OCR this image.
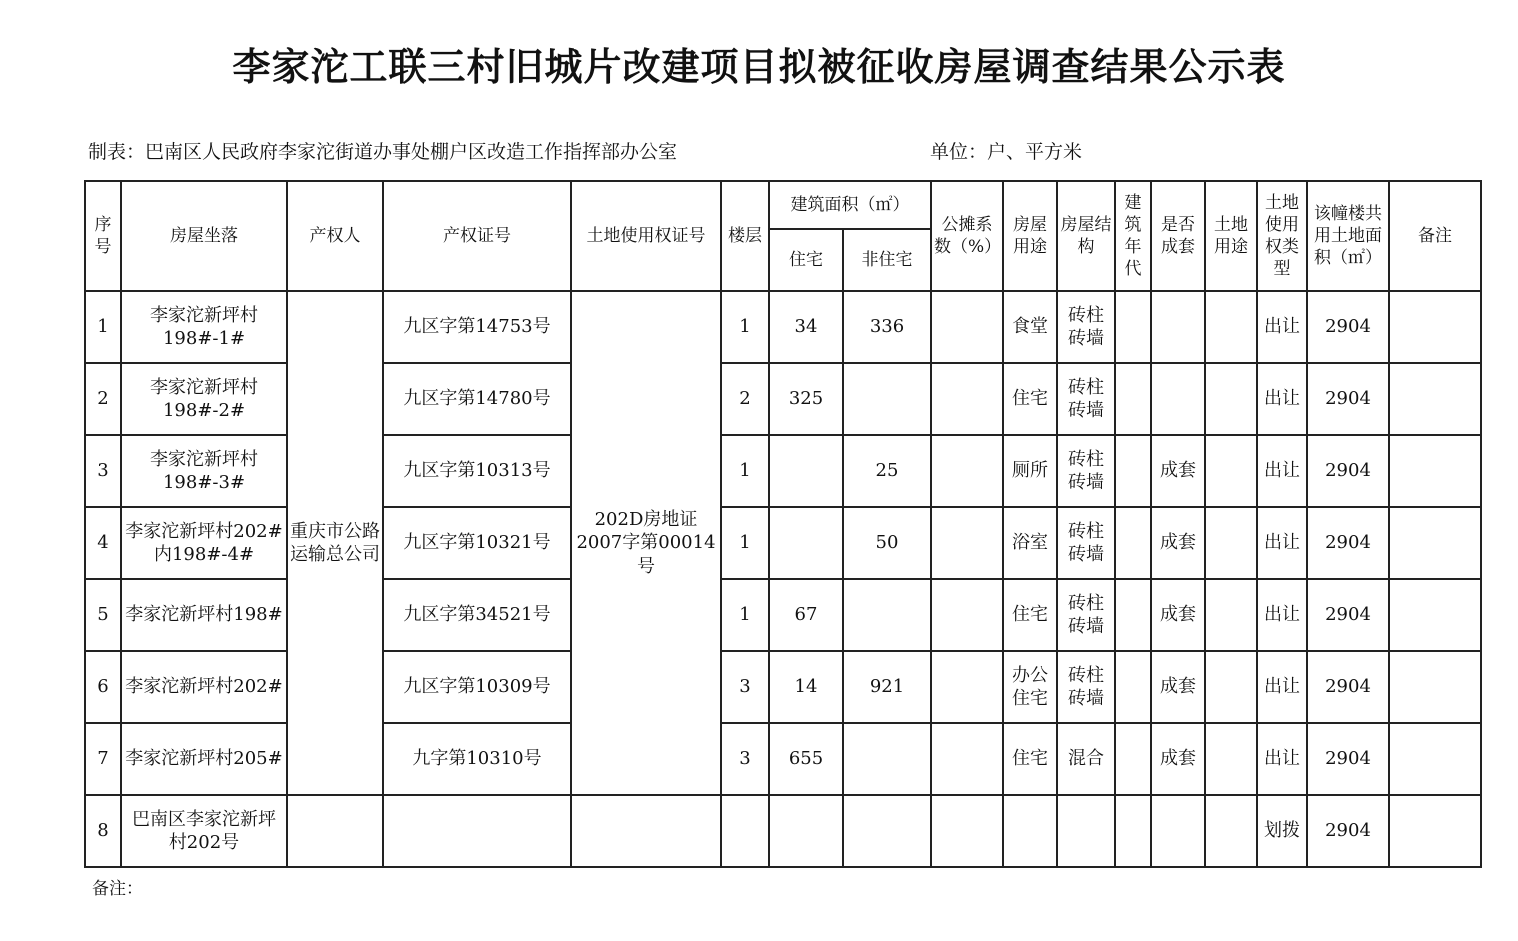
李家沱工联三村旧城片改建项目拟被征收房屋调查结果公示表
制表：巴南区人民政府李家沱街道办事处棚户区改造工作指挥部办公室	单位：户、平方米
序号	房屋坐落	产权人	产权证号	土地使用权证号	楼层	建筑面积（㎡）		公摊系数（%）	房屋用途	房屋结构	建筑年代	是否成套	土地用途	土地使用权类型	该幢楼共用土地面积（㎡）	备注
						住宅	非住宅									
1	李家沱新坪村198#-1#	重庆市公路运输总公司	九区字第14753号	202D房地证2007字第00014号	1	34	336		食堂	砖柱砖墙				出让	2904	
2	李家沱新坪村198#-2#		九区字第14780号		2	325			住宅	砖柱砖墙				出让	2904	
3	李家沱新坪村198#-3#		九区字第10313号		1		25		厕所	砖柱砖墙		成套		出让	2904	
4	李家沱新坪村202#内198#-4#		九区字第10321号		1		50		浴室	砖柱砖墙		成套		出让	2904	
5	李家沱新坪村198#		九区字第34521号		1	67			住宅	砖柱砖墙		成套		出让	2904	
6	李家沱新坪村202#		九区字第10309号		3	14	921		办公住宅	砖柱砖墙		成套		出让	2904	
7	李家沱新坪村205#		九字第10310号		3	655			住宅	混合		成套		出让	2904	
8	巴南区李家沱新坪村202号													划拨	2904	
备注：
